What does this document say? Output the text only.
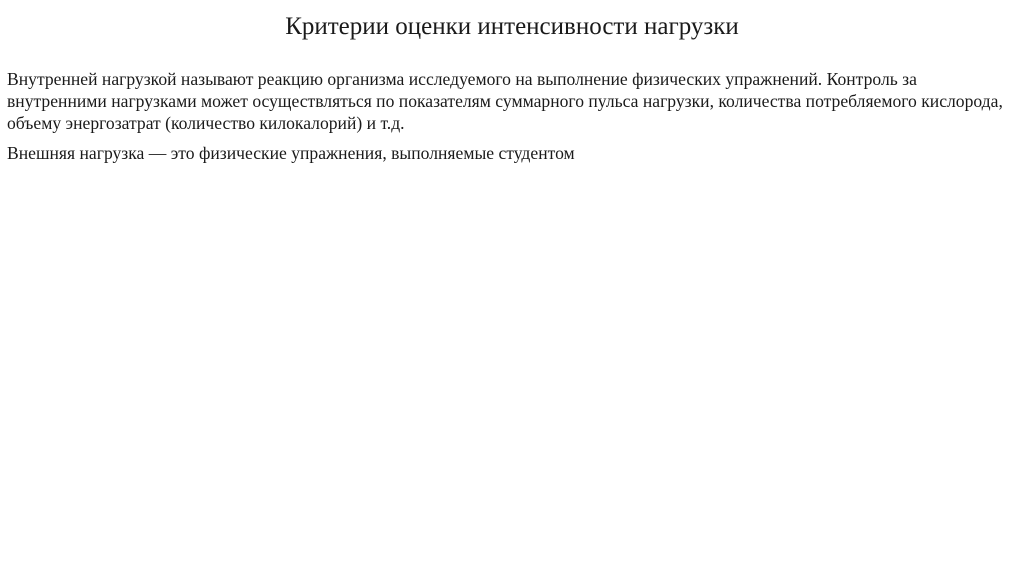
Критерии оценки интенсивности нагрузки

Внутренней нагрузкой называют реакцию организма исследуемого на выполнение физических упражнений. Контроль за внутренними нагрузками может осуществляться по показателям суммарного пульса нагрузки, количества потребляемого кислорода, объему энергозатрат (количество килокалорий) и т.д.

Внешняя нагрузка — это физические упражнения, выполняемые студентом
